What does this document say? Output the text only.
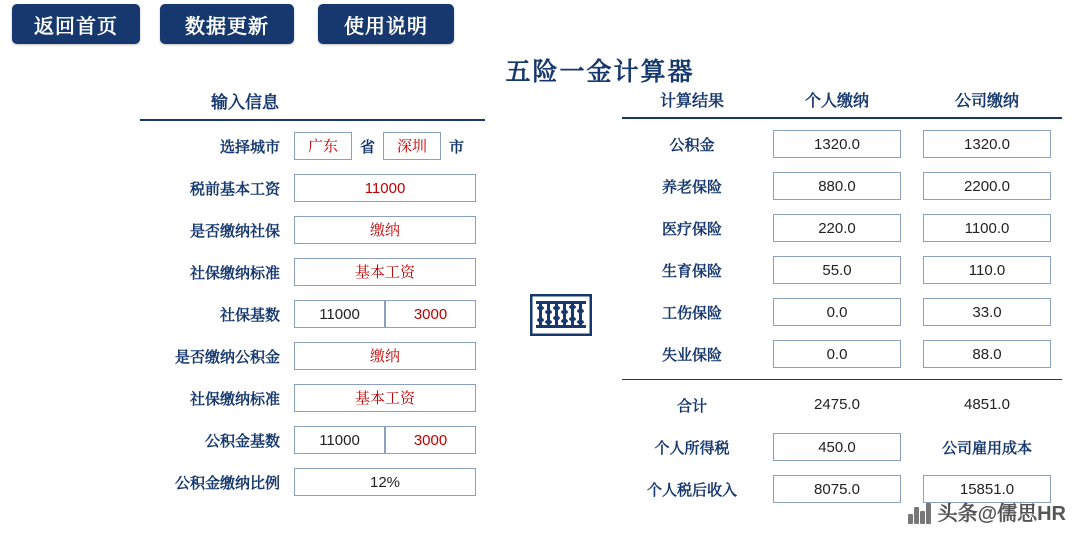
返回首页	数据更新	使用说明
五险一金计算器
输入信息
选择城市	广东	省	深圳	市
税前基本工资	11000
是否缴纳社保	缴纳
社保缴纳标准	基本工资
社保基数	11000	3000
是否缴纳公积金	缴纳
社保缴纳标准	基本工资
公积金基数	11000	3000
公积金缴纳比例	12%
计算结果	个人缴纳	公司缴纳
公积金	1320.0	1320.0
养老保险	880.0	2200.0
医疗保险	220.0	1100.0
生育保险	55.0	110.0
工伤保险	0.0	33.0
失业保险	0.0	88.0
合计	2475.0	4851.0
个人所得税	450.0	公司雇用成本
个人税后收入	8075.0	15851.0
头条@儒思HR
